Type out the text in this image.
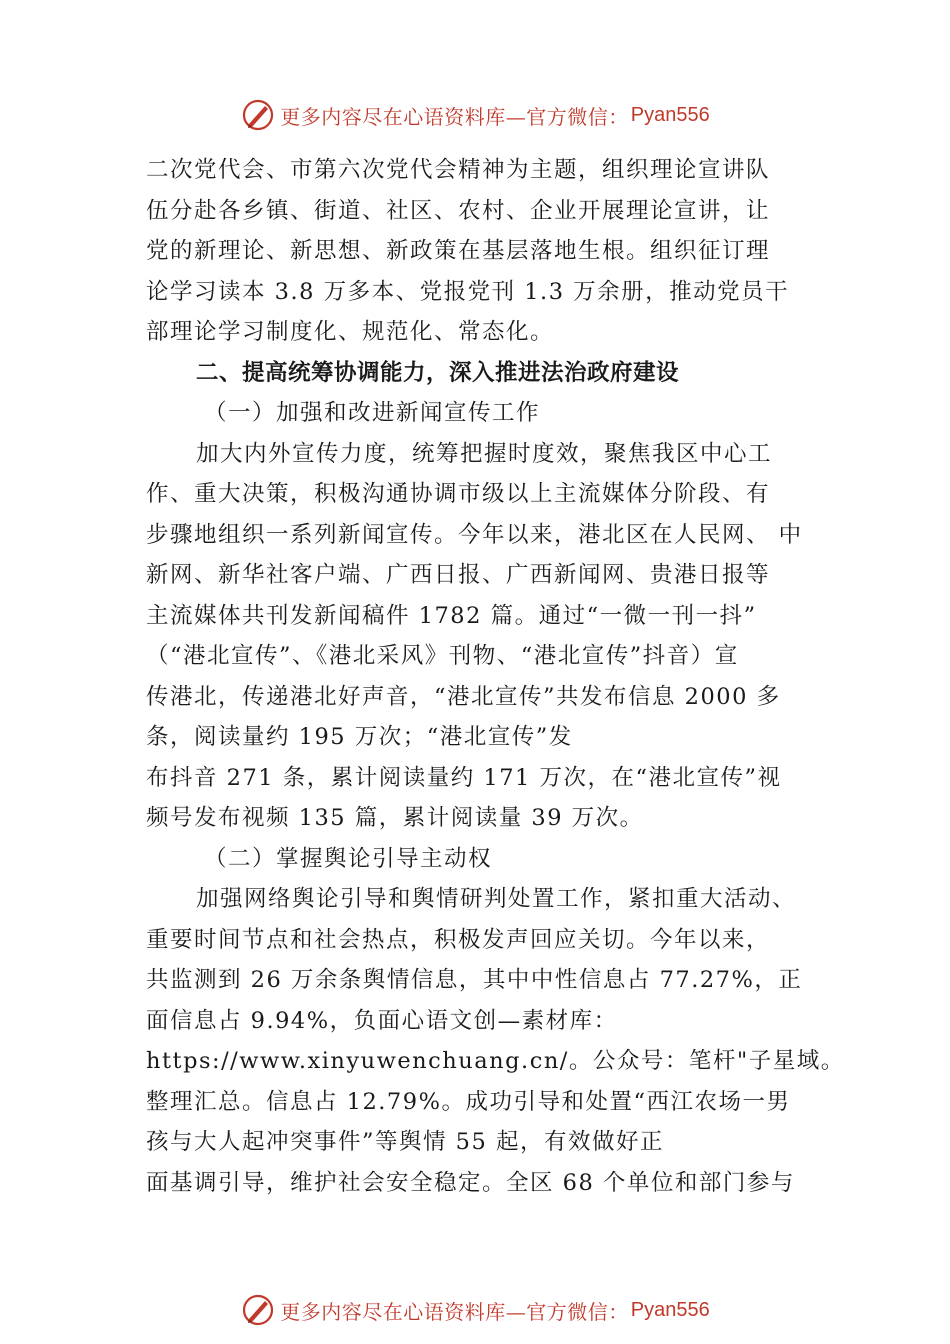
更多内容尽在心语资料库—官方微信： Pyan556

二次党代会、市第六次党代会精神为主题，组织理论宣讲队

伍分赴各乡镇、街道、社区、农村、企业开展理论宣讲，让

党的新理论、新思想、新政策在基层落地生根。组织征订理

论学习读本 3.8 万多本、党报党刊 1.3 万余册，推动党员干

部理论学习制度化、规范化、常态化。

二、提高统筹协调能力，深入推进法治政府建设

（一）加强和改进新闻宣传工作

加大内外宣传力度，统筹把握时度效，聚焦我区中心工

作、重大决策，积极沟通协调市级以上主流媒体分阶段、有

步骤地组织一系列新闻宣传。今年以来，港北区在人民网、 中

新网、新华社客户端、广西日报、广西新闻网、贵港日报等

主流媒体共刊发新闻稿件 1782 篇。通过“一微一刊一抖”

（“港北宣传”、《港北采风》刊物、“港北宣传”抖音）宣

传港北，传递港北好声音，“港北宣传”共发布信息 2000 多

条，阅读量约 195 万次；“港北宣传”发

布抖音 271 条，累计阅读量约 171 万次，在“港北宣传”视

频号发布视频 135 篇，累计阅读量 39 万次。

（二）掌握舆论引导主动权

加强网络舆论引导和舆情研判处置工作，紧扣重大活动、

重要时间节点和社会热点，积极发声回应关切。今年以来，

共监测到 26 万余条舆情信息，其中中性信息占 77.27%，正

面信息占 9.94%，负面心语文创—素材库：

https://www.xinyuwenchuang.cn/。公众号：笔杆"子星域。

整理汇总。信息占 12.79%。成功引导和处置“西江农场一男

孩与大人起冲突事件”等舆情 55 起，有效做好正

面基调引导，维护社会安全稳定。全区 68 个单位和部门参与

更多内容尽在心语资料库—官方微信： Pyan556
